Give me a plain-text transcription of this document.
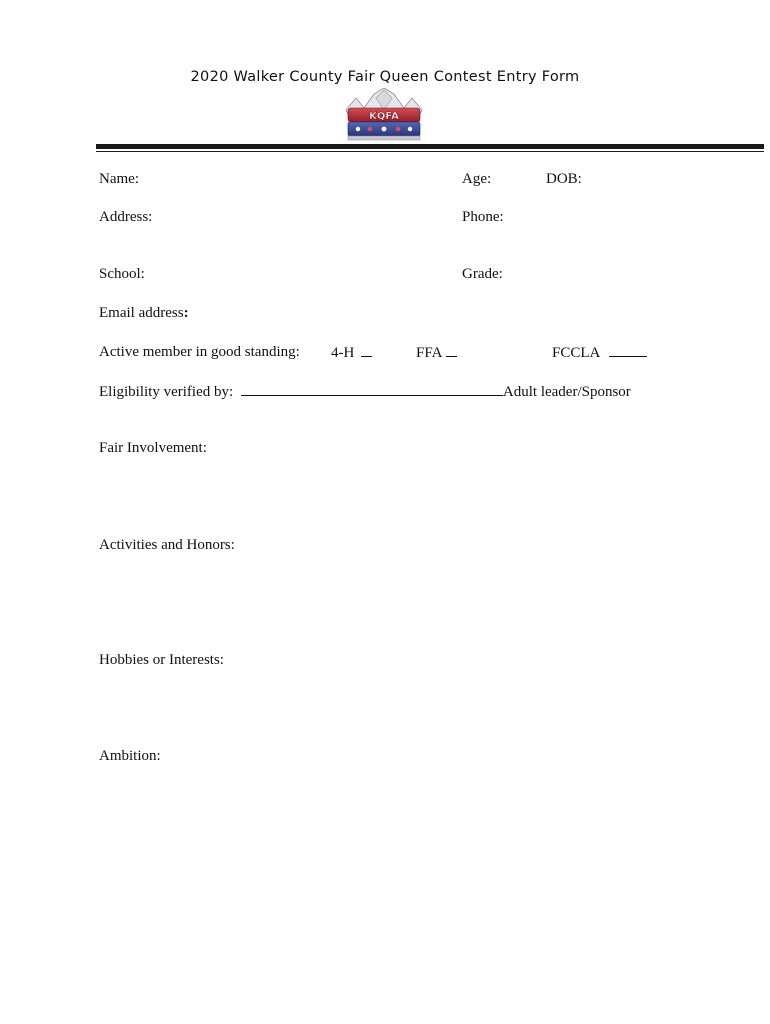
2020 Walker County Fair Queen Contest Entry Form
KQFA
Name:	Age:	DOB:
Address:	Phone:
School:	Grade:
Email address:
Active member in good standing: 4-H	FFA	FCCLA
Eligibility verified by:	Adult leader/Sponsor
Fair Involvement:
Activities and Honors:
Hobbies or Interests:
Ambition:
